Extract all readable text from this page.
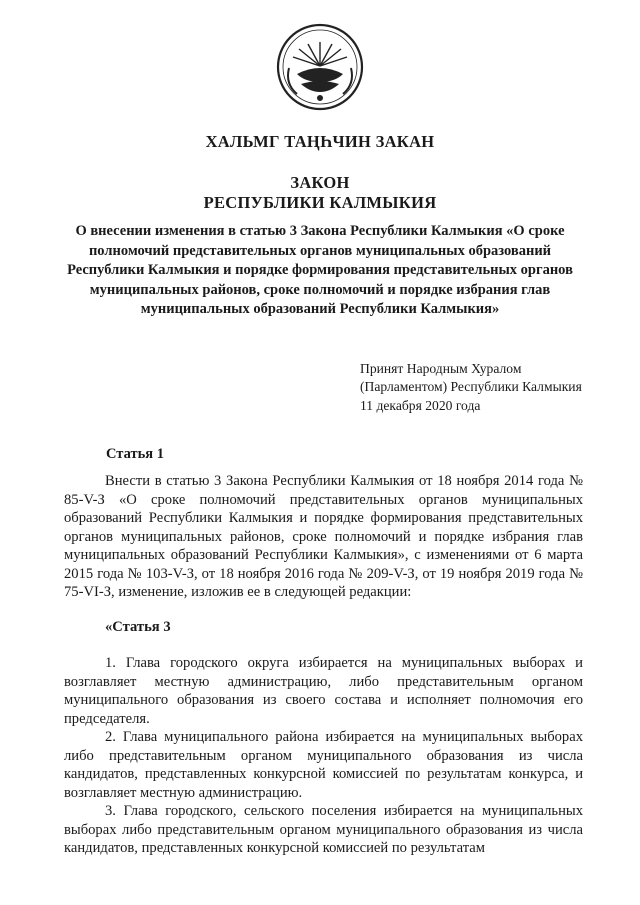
ХАЛЬМГ ТАҢҺЧИН ЗАКАН
ЗАКОН
РЕСПУБЛИКИ КАЛМЫКИЯ
О внесении изменения в статью 3 Закона Республики Калмыкия «О сроке полномочий представительных органов муниципальных образований Республики Калмыкия и порядке формирования представительных органов муниципальных районов, сроке полномочий и порядке избрания глав муниципальных образований Республики Калмыкия»
Принят Народным Хуралом
(Парламентом) Республики Калмыкия
11 декабря 2020 года
Статья 1

Внести в статью 3 Закона Республики Калмыкия от 18 ноября 2014 года № 85-V-З «О сроке полномочий представительных органов муниципальных образований Республики Калмыкия и порядке формирования представительных органов муниципальных районов, сроке полномочий и порядке избрания глав муниципальных образований Республики Калмыкия», с изменениями от 6 марта 2015 года № 103-V-З, от 18 ноября 2016 года № 209-V-З, от 19 ноября 2019 года № 75-VI-З, изменение, изложив ее в следующей редакции:

«Статья 3

1. Глава городского округа избирается на муниципальных выборах и возглавляет местную администрацию, либо представительным органом муниципального образования из своего состава и исполняет полномочия его председателя.

2. Глава муниципального района избирается на муниципальных выборах либо представительным органом муниципального образования из числа кандидатов, представленных конкурсной комиссией по результатам конкурса, и возглавляет местную администрацию.

3. Глава городского, сельского поселения избирается на муниципальных выборах либо представительным органом муниципального образования из числа кандидатов, представленных конкурсной комиссией по результатам
